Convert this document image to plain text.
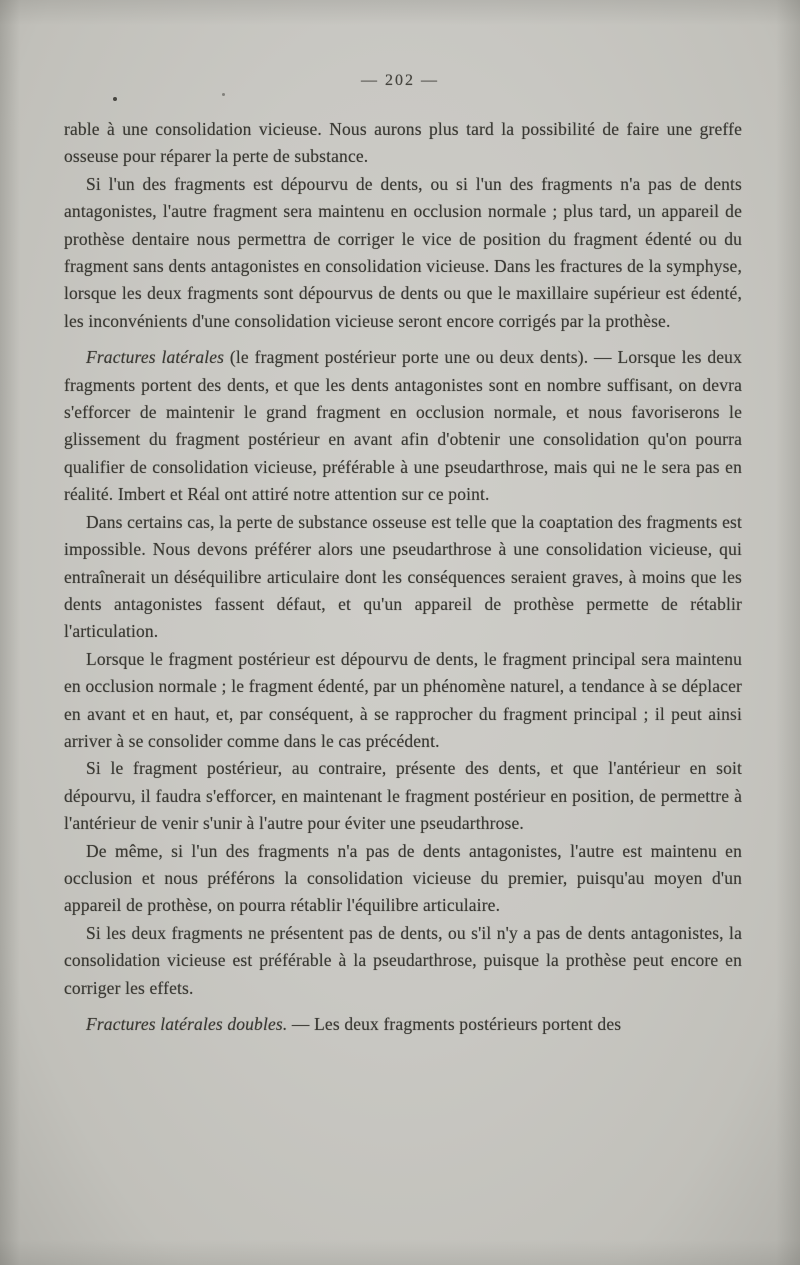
— 202 —

rable à une consolidation vicieuse. Nous aurons plus tard la possibilité de faire une greffe osseuse pour réparer la perte de substance.

Si l'un des fragments est dépourvu de dents, ou si l'un des fragments n'a pas de dents antagonistes, l'autre fragment sera maintenu en occlusion normale ; plus tard, un appareil de prothèse dentaire nous permettra de corriger le vice de position du fragment édenté ou du fragment sans dents antagonistes en consolidation vicieuse. Dans les fractures de la symphyse, lorsque les deux fragments sont dépourvus de dents ou que le maxillaire supérieur est édenté, les inconvénients d'une consolidation vicieuse seront encore corrigés par la prothèse.

Fractures latérales (le fragment postérieur porte une ou deux dents). — Lorsque les deux fragments portent des dents, et que les dents antagonistes sont en nombre suffisant, on devra s'efforcer de maintenir le grand fragment en occlusion normale, et nous favoriserons le glissement du fragment postérieur en avant afin d'obtenir une consolidation qu'on pourra qualifier de consolidation vicieuse, préférable à une pseudarthrose, mais qui ne le sera pas en réalité. Imbert et Réal ont attiré notre attention sur ce point.

Dans certains cas, la perte de substance osseuse est telle que la coaptation des fragments est impossible. Nous devons préférer alors une pseudarthrose à une consolidation vicieuse, qui entraînerait un déséquilibre articulaire dont les conséquences seraient graves, à moins que les dents antagonistes fassent défaut, et qu'un appareil de prothèse permette de rétablir l'articulation.

Lorsque le fragment postérieur est dépourvu de dents, le fragment principal sera maintenu en occlusion normale ; le fragment édenté, par un phénomène naturel, a tendance à se déplacer en avant et en haut, et, par conséquent, à se rapprocher du fragment principal ; il peut ainsi arriver à se consolider comme dans le cas précédent.

Si le fragment postérieur, au contraire, présente des dents, et que l'antérieur en soit dépourvu, il faudra s'efforcer, en maintenant le fragment postérieur en position, de permettre à l'antérieur de venir s'unir à l'autre pour éviter une pseudarthrose.

De même, si l'un des fragments n'a pas de dents antagonistes, l'autre est maintenu en occlusion et nous préférons la consolidation vicieuse du premier, puisqu'au moyen d'un appareil de prothèse, on pourra rétablir l'équilibre articulaire.

Si les deux fragments ne présentent pas de dents, ou s'il n'y a pas de dents antagonistes, la consolidation vicieuse est préférable à la pseudarthrose, puisque la prothèse peut encore en corriger les effets.

Fractures latérales doubles. — Les deux fragments postérieurs portent des
